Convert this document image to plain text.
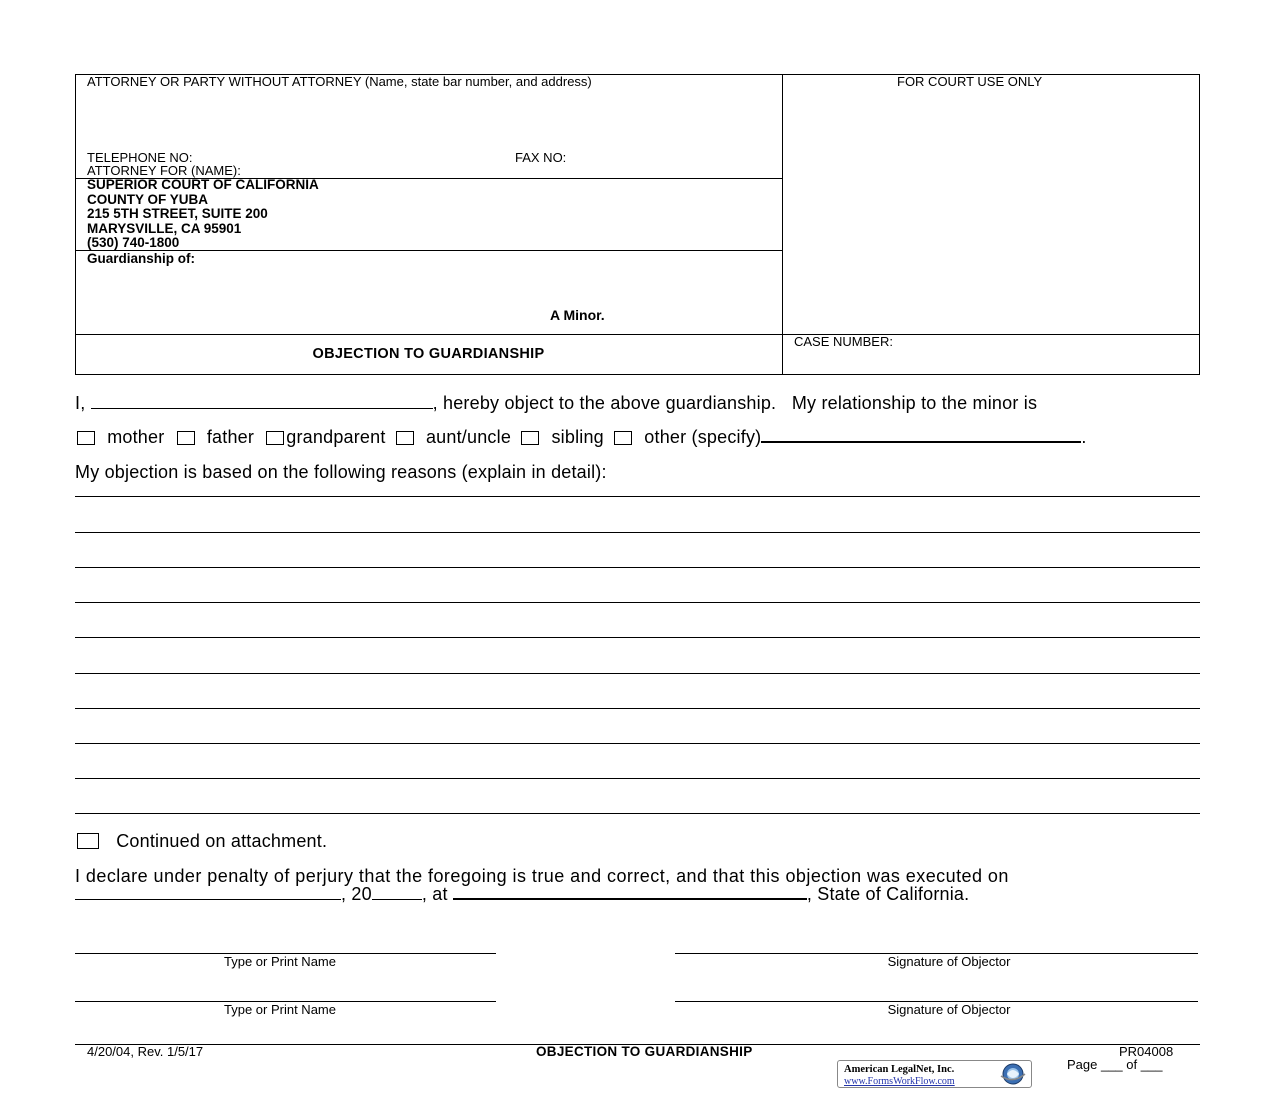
ATTORNEY OR PARTY WITHOUT ATTORNEY (Name, state bar number, and address)	FOR COURT USE ONLY
TELEPHONE NO:	FAX NO:
ATTORNEY FOR (NAME):
SUPERIOR COURT OF CALIFORNIA
COUNTY OF YUBA
215 5TH STREET, SUITE 200
MARYSVILLE, CA 95901
(530) 740-1800
Guardianship of:
A Minor.
OBJECTION TO GUARDIANSHIP
CASE NUMBER:
I,	, hereby object to the above guardianship.   My relationship to the minor is
mother father grandparent aunt/uncle sibling other (specify)	.
My objection is based on the following reasons (explain in detail):
Continued on attachment.
I declare under penalty of perjury that the foregoing is true and correct, and that this objection was executed on
, 20	, at	, State of California.
Type or Print Name	Signature of Objector
Type or Print Name	Signature of Objector
4/20/04, Rev. 1/5/17	OBJECTION TO GUARDIANSHIP	PR04008
Page ___ of ___
American LegalNet, Inc.
www.FormsWorkFlow.com
